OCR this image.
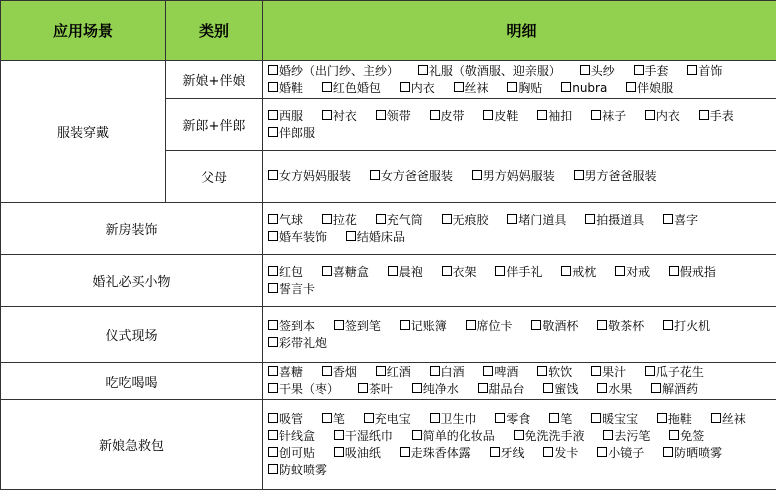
应用场景	类别	明细
服装穿戴	新娘+伴娘	婚纱（出门纱、主纱） 礼服（敬酒服、迎亲服） 头纱 手套 首饰 婚鞋 红色婚包 内衣 丝袜 胸贴 nubra 伴娘服
	新郎+伴郎	西服 衬衣 领带 皮带 皮鞋 袖扣 袜子 内衣 手表 伴郎服
	父母	女方妈妈服装 女方爸爸服装 男方妈妈服装 男方爸爸服装
新房装饰		气球 拉花 充气筒 无痕胶 堵门道具 拍摄道具 喜字 婚车装饰 结婚床品
婚礼必买小物		红包 喜糖盒 晨袍 衣架 伴手礼 戒枕 对戒 假戒指 誓言卡
仪式现场		签到本 签到笔 记账簿 席位卡 敬酒杯 敬茶杯 打火机 彩带礼炮
吃吃喝喝		喜糖 香烟 红酒 白酒 啤酒 软饮 果汁 瓜子花生 干果（枣） 茶叶 纯净水 甜品台 蜜饯 水果 解酒药
新娘急救包		吸管 笔 充电宝 卫生巾 零食 笔 暖宝宝 拖鞋 丝袜 针线盒 干湿纸巾 简单的化妆品 免洗洗手液 去污笔 免签 创可贴 吸油纸 走珠香体露 牙线 发卡 小镜子 防晒喷雾 防蚊喷雾
